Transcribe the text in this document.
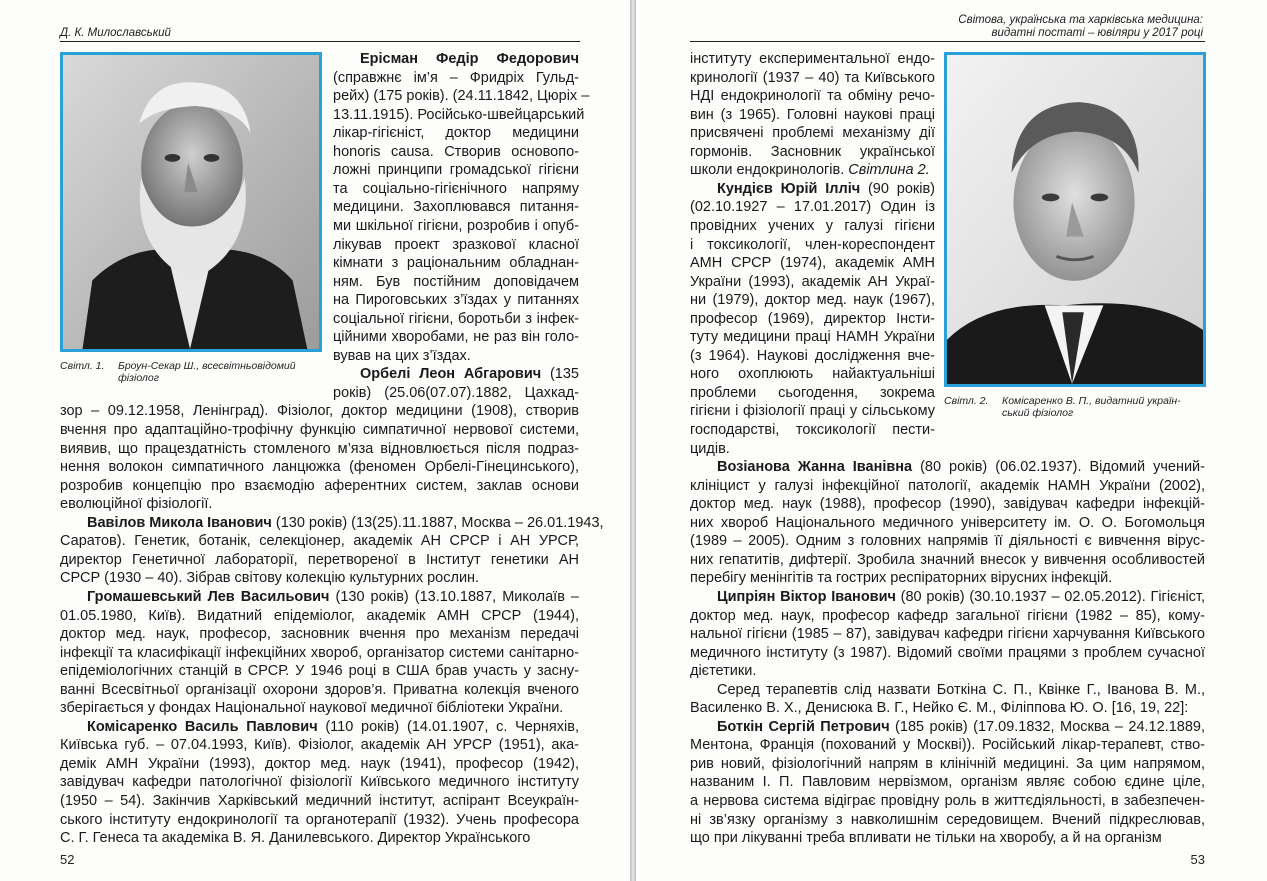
Д. К. Милославський
Світл. 1. Броун-Секар Ш., всесвітньовідомий
фізіолог
Ерісман Федір Федорович
(справжнє ім’я – Фридріх Гульд-
рейх) (175 років). (24.11.1842, Цюріх –
13.11.1915). Російсько-швейцарський
лікар-гігієніст, доктор медицини
honoris causa. Створив основопо-
ложні принципи громадської гігієни
та соціально-гігієнічного напряму
медицини. Захоплювався питання-
ми шкільної гігієни, розробив і опуб-
лікував проект зразкової класної
кімнати з раціональним обладнан-
ням. Був постійним доповідачем
на Пироговських з’їздах у питаннях
соціальної гігієни, боротьби з інфек-
ційними хворобами, не раз він голо-
вував на цих з’їздах.
Орбелі Леон Абгарович (135
років) (25.06(07.07).1882, Цахкад-
зор – 09.12.1958, Ленінград). Фізіолог, доктор медицини (1908), створив
вчення про адаптаційно-трофічну функцію симпатичної нервової системи,
виявив, що працездатність стомленого м’яза відновлюється після подраз-
нення волокон симпатичного ланцюжка (феномен Орбелі-Гінецинського),
розробив концепцію про взаємодію аферентних систем, заклав основи
еволюційної фізіології.
Вавілов Микола Іванович (130 років) (13(25).11.1887, Москва – 26.01.1943,
Саратов). Генетик, ботанік, селекціонер, академік АН СРСР і АН УРСР,
директор Генетичної лабораторії, перетвореної в Інститут генетики АН
СРСР (1930 – 40). Зібрав світову колекцію культурних рослин.
Громашевський Лев Васильович (130 років) (13.10.1887, Миколаїв –
01.05.1980, Київ). Видатний епідеміолог, академік АМН СРСР (1944),
доктор мед. наук, професор, засновник вчення про механізм передачі
інфекції та класифікації інфекційних хвороб, організатор системи санітарно-
епідеміологічних станцій в СРСР. У 1946 році в США брав участь у засну-
ванні Всесвітньої організації охорони здоров’я. Приватна колекція вченого
зберігається у фондах Національної наукової медичної бібліотеки України.
Комісаренко Василь Павлович (110 років) (14.01.1907, с. Черняхів,
Київська губ. – 07.04.1993, Київ). Фізіолог, академік АН УРСР (1951), ака-
демік АМН України (1993), доктор мед. наук (1941), професор (1942),
завідувач кафедри патологічної фізіології Київського медичного інституту
(1950 – 54). Закінчив Харківський медичний інститут, аспірант Всеукраїн-
ського інституту ендокринології та органотерапії (1932). Учень професора
С. Г. Генеса та академіка В. Я. Данилевського. Директор Українського
52
Світова, українська та харківська медицина:
видатні постаті – ювіляри у 2017 році
Світл. 2. Комісаренко В. П., видатний україн-
ський фізіолог
інституту експериментальної ендо-
кринології (1937 – 40) та Київського
НДІ ендокринології та обміну речо-
вин (з 1965). Головні наукові праці
присвячені проблемі механізму дії
гормонів. Засновник української
школи ендокринологів. Світлина 2.
Кундієв Юрій Ілліч (90 років)
(02.10.1927 – 17.01.2017) Один із
провідних учених у галузі гігієни
і токсикології, член-кореспондент
АМН СРСР (1974), академік АМН
України (1993), академік АН Украї-
ни (1979), доктор мед. наук (1967),
професор (1969), директор Інсти-
туту медицини праці НАМН України
(з 1964). Наукові дослідження вче-
ного охоплюють найактуальніші
проблеми сьогодення, зокрема
гігієни і фізіології праці у сільському
господарстві, токсикології пести-
цидів.
Возіанова Жанна Іванівна (80 років) (06.02.1937). Відомий учений-
клініцист у галузі інфекційної патології, академік НАМН України (2002),
доктор мед. наук (1988), професор (1990), завідувач кафедри інфекцій-
них хвороб Національного медичного університету ім. О. О. Богомольця
(1989 – 2005). Одним з головних напрямів її діяльності є вивчення вірус-
них гепатитів, дифтерії. Зробила значний внесок у вивчення особливостей
перебігу менінгітів та гострих респіраторних вірусних інфекцій.
Ципріян Віктор Іванович (80 років) (30.10.1937 – 02.05.2012). Гігієніст,
доктор мед. наук, професор кафедр загальної гігієни (1982 – 85), кому-
нальної гігієни (1985 – 87), завідувач кафедри гігієни харчування Київського
медичного інституту (з 1987). Відомий своїми працями з проблем сучасної
дієтетики.
Серед терапевтів слід назвати Боткіна С. П., Квінке Г., Іванова В. М.,
Василенко В. Х., Денисюка В. Г., Нейко Є. М., Філіппова Ю. О. [16, 19, 22]:
Боткін Сергій Петрович (185 років) (17.09.1832, Москва – 24.12.1889,
Ментона, Франція (похований у Москві)). Російський лікар-терапевт, ство-
рив новий, фізіологічний напрям в клінічній медицині. За цим напрямом,
названим І. П. Павловим нервізмом, організм являє собою єдине ціле,
а нервова система відіграє провідну роль в життєдіяльності, в забезпечен-
ні зв’язку організму з навколишнім середовищем. Вчений підкреслював,
що при лікуванні треба впливати не тільки на хворобу, а й на організм
53
